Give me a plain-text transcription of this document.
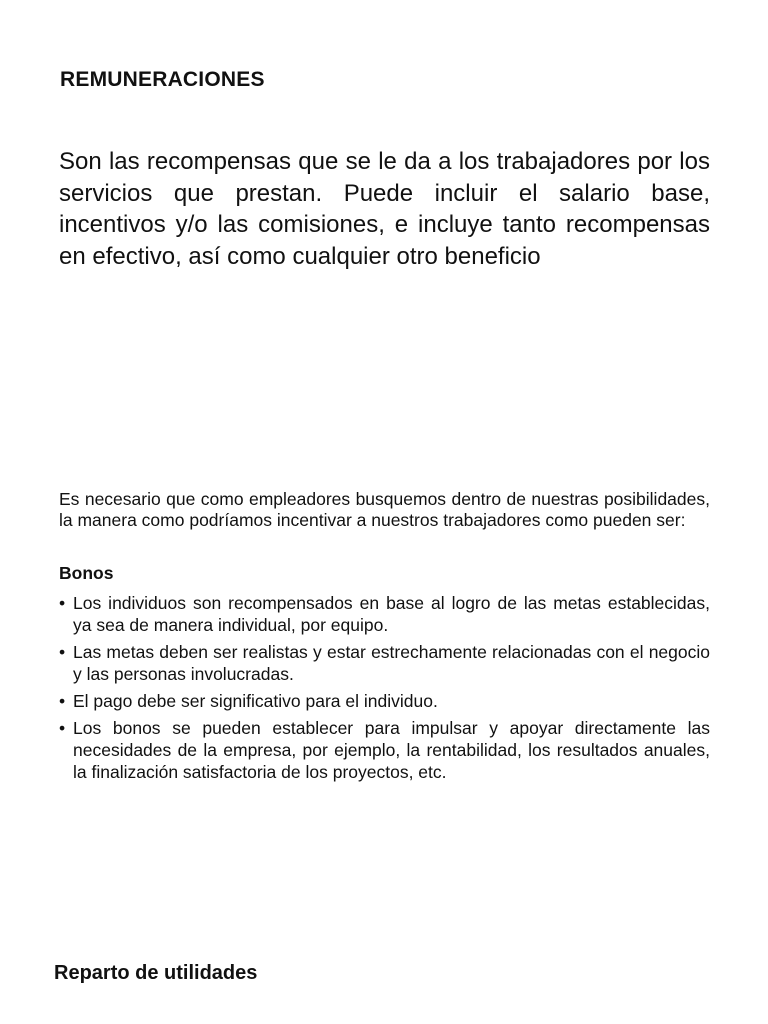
REMUNERACIONES

Son las recompensas que se le da a los trabajadores por los servicios que prestan. Puede incluir el salario base, incentivos y/o las comisiones, e incluye tanto recompensas en efectivo, así como cualquier otro beneficio

Es necesario que como empleadores busquemos dentro de nuestras posibilidades, la manera como podríamos incentivar a nuestros trabajadores como pueden ser:

Bonos
• Los individuos son recompensados en base al logro de las metas establecidas, ya sea de manera individual, por equipo.
• Las metas deben ser realistas y estar estrechamente relacionadas con el negocio y las personas involucradas.
• El pago debe ser significativo para el individuo.
• Los bonos se pueden establecer para impulsar y apoyar directamente las necesidades de la empresa, por ejemplo, la rentabilidad, los resultados anuales, la finalización satisfactoria de los proyectos, etc.
Reparto de utilidades
